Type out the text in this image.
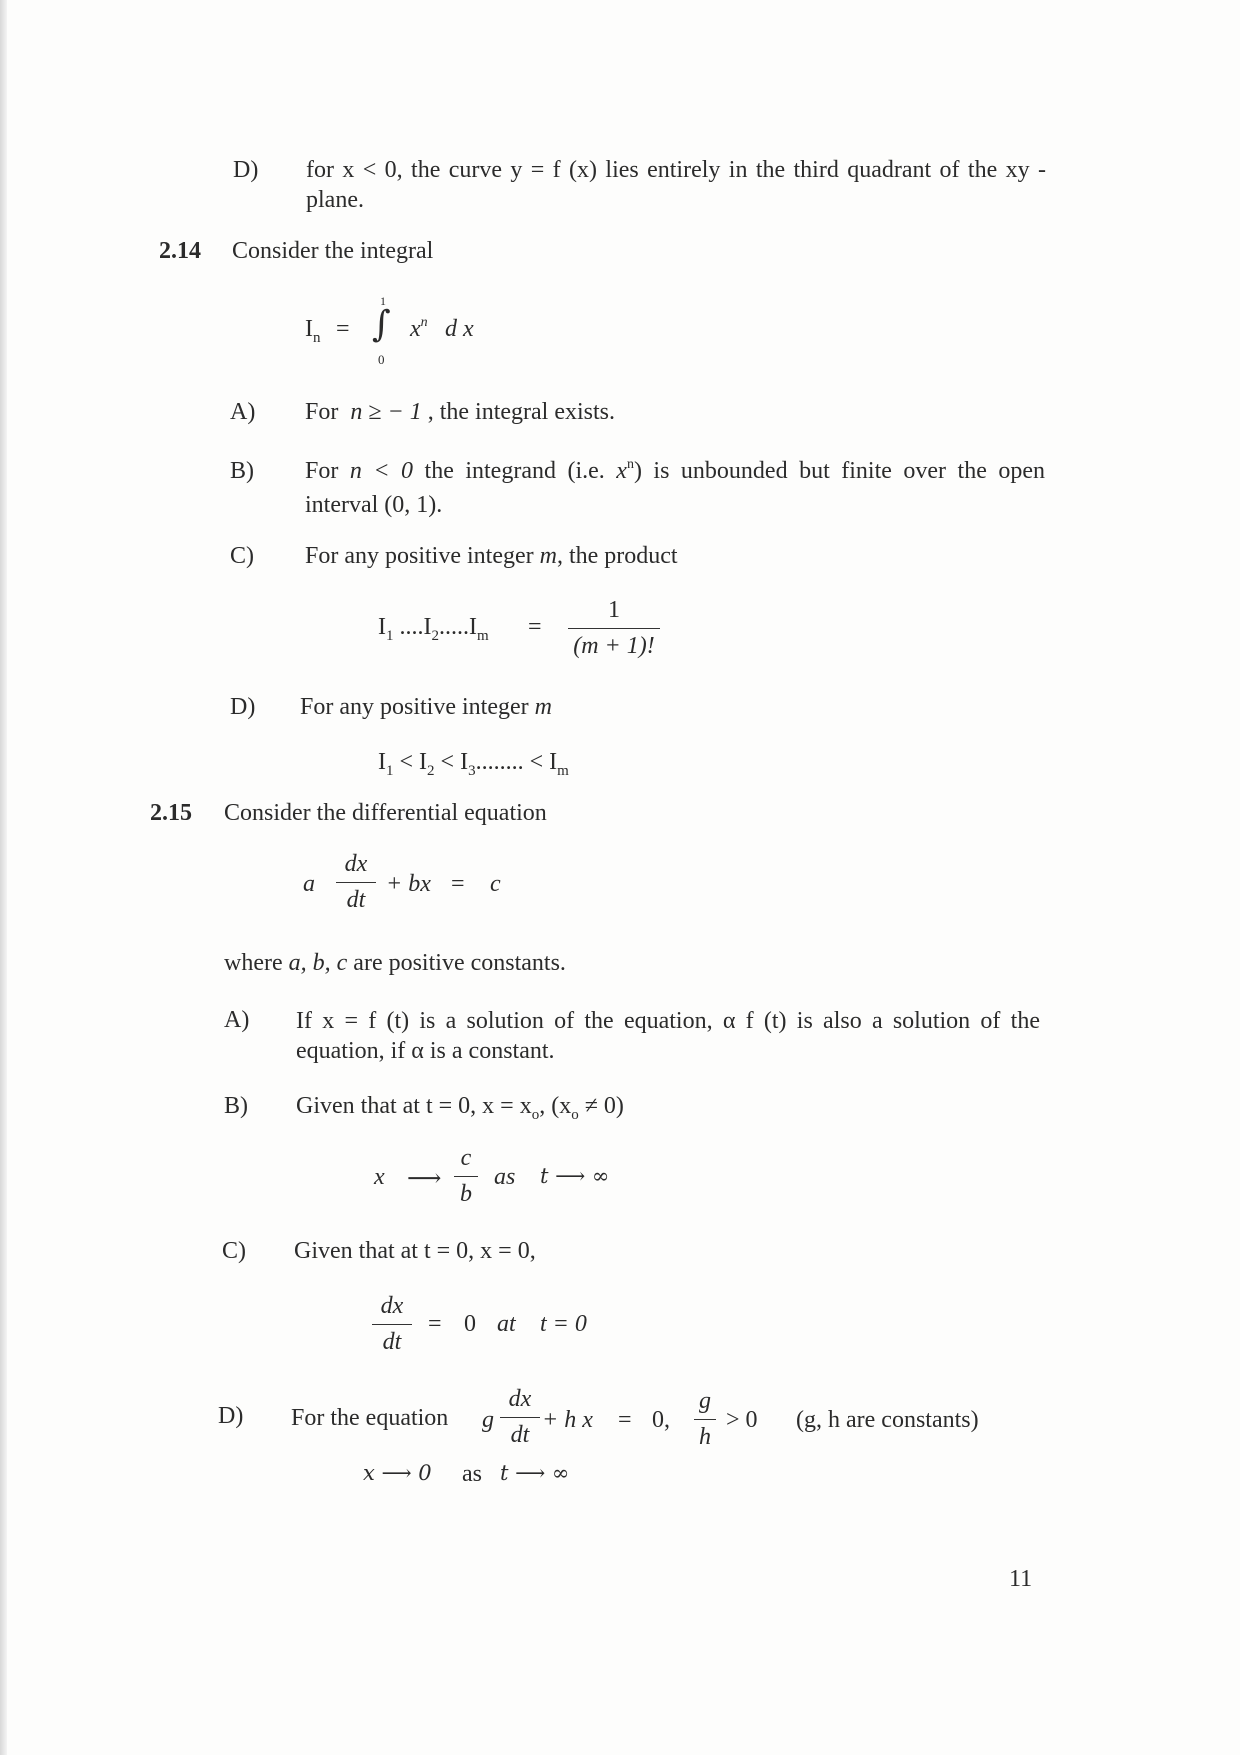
D) for x < 0, the curve y = f (x) lies entirely in the third quadrant of the xy - plane.
2.14 Consider the integral
$I_n$ =
1
∫
0
$x^n$ d x
A) For n ≥ − 1 , the integral exists.
B) For n < 0 the integrand (i.e. $x^n$) is unbounded but finite over the open interval (0, 1).
C) For any positive integer m, the product
$I_1$ $....I_2.....I_m$ =
1
(m + 1)!
D) For any positive integer m
$I_1 < I_2 < I_3$........ < $I_m$
2.15 Consider the differential equation
a
dx
dt
+ bx = c
where a, b, c are positive constants.
A) If x = f (t) is a solution of the equation, α f (t) is also a solution of the equation, if α is a constant.
B) Given that at t = 0, $x = x_o$, $(x_o \ne 0)$
x ⟶
c
b
as t ⟶ ∞
C) Given that at t = 0, x = 0,
dx
dt
= 0 at t = 0
D) For the equation g
dx
dt
+ h x = 0,
g
h
> 0 (g, h are constants)
x ⟶ 0 as t ⟶ ∞
11
